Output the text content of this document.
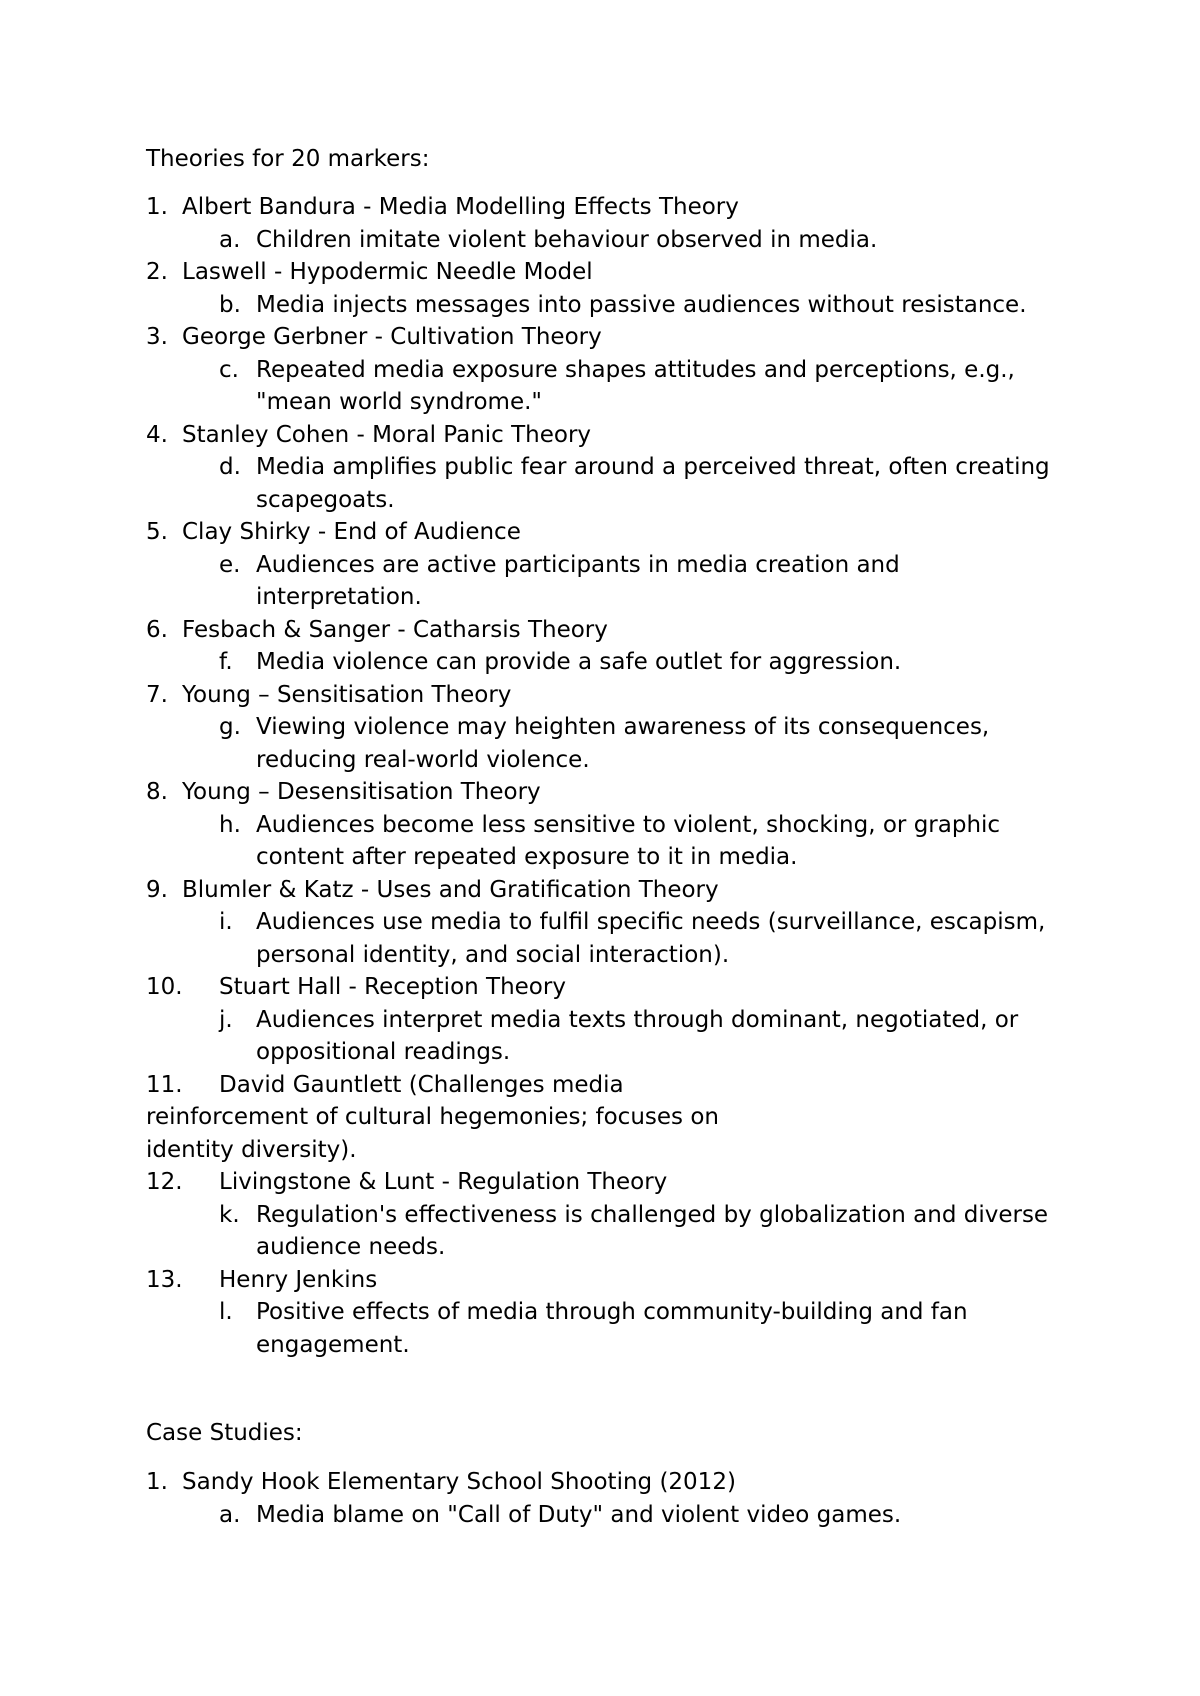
Theories for 20 markers:

1. Albert Bandura - Media Modelling Effects Theory
a. Children imitate violent behaviour observed in media.
2. Laswell - Hypodermic Needle Model
b. Media injects messages into passive audiences without resistance.
3. George Gerbner - Cultivation Theory
c. Repeated media exposure shapes attitudes and perceptions, e.g., "mean world syndrome."
4. Stanley Cohen - Moral Panic Theory
d. Media amplifies public fear around a perceived threat, often creating scapegoats.
5. Clay Shirky - End of Audience
e. Audiences are active participants in media creation and interpretation.
6. Fesbach & Sanger - Catharsis Theory
f. Media violence can provide a safe outlet for aggression.
7. Young – Sensitisation Theory
g. Viewing violence may heighten awareness of its consequences, reducing real-world violence.
8. Young – Desensitisation Theory
h. Audiences become less sensitive to violent, shocking, or graphic content after repeated exposure to it in media.
9. Blumler & Katz - Uses and Gratification Theory
i. Audiences use media to fulfil specific needs (surveillance, escapism, personal identity, and social interaction).
10. Stuart Hall - Reception Theory
j. Audiences interpret media texts through dominant, negotiated, or oppositional readings.
11.	David Gauntlett (Challenges media reinforcement of cultural hegemonies; focuses on identity diversity).
12. Livingstone & Lunt - Regulation Theory
k. Regulation's effectiveness is challenged by globalization and diverse audience needs.
13. Henry Jenkins
l. Positive effects of media through community-building and fan engagement.

Case Studies:

1. Sandy Hook Elementary School Shooting (2012)
a. Media blame on "Call of Duty" and violent video games.
